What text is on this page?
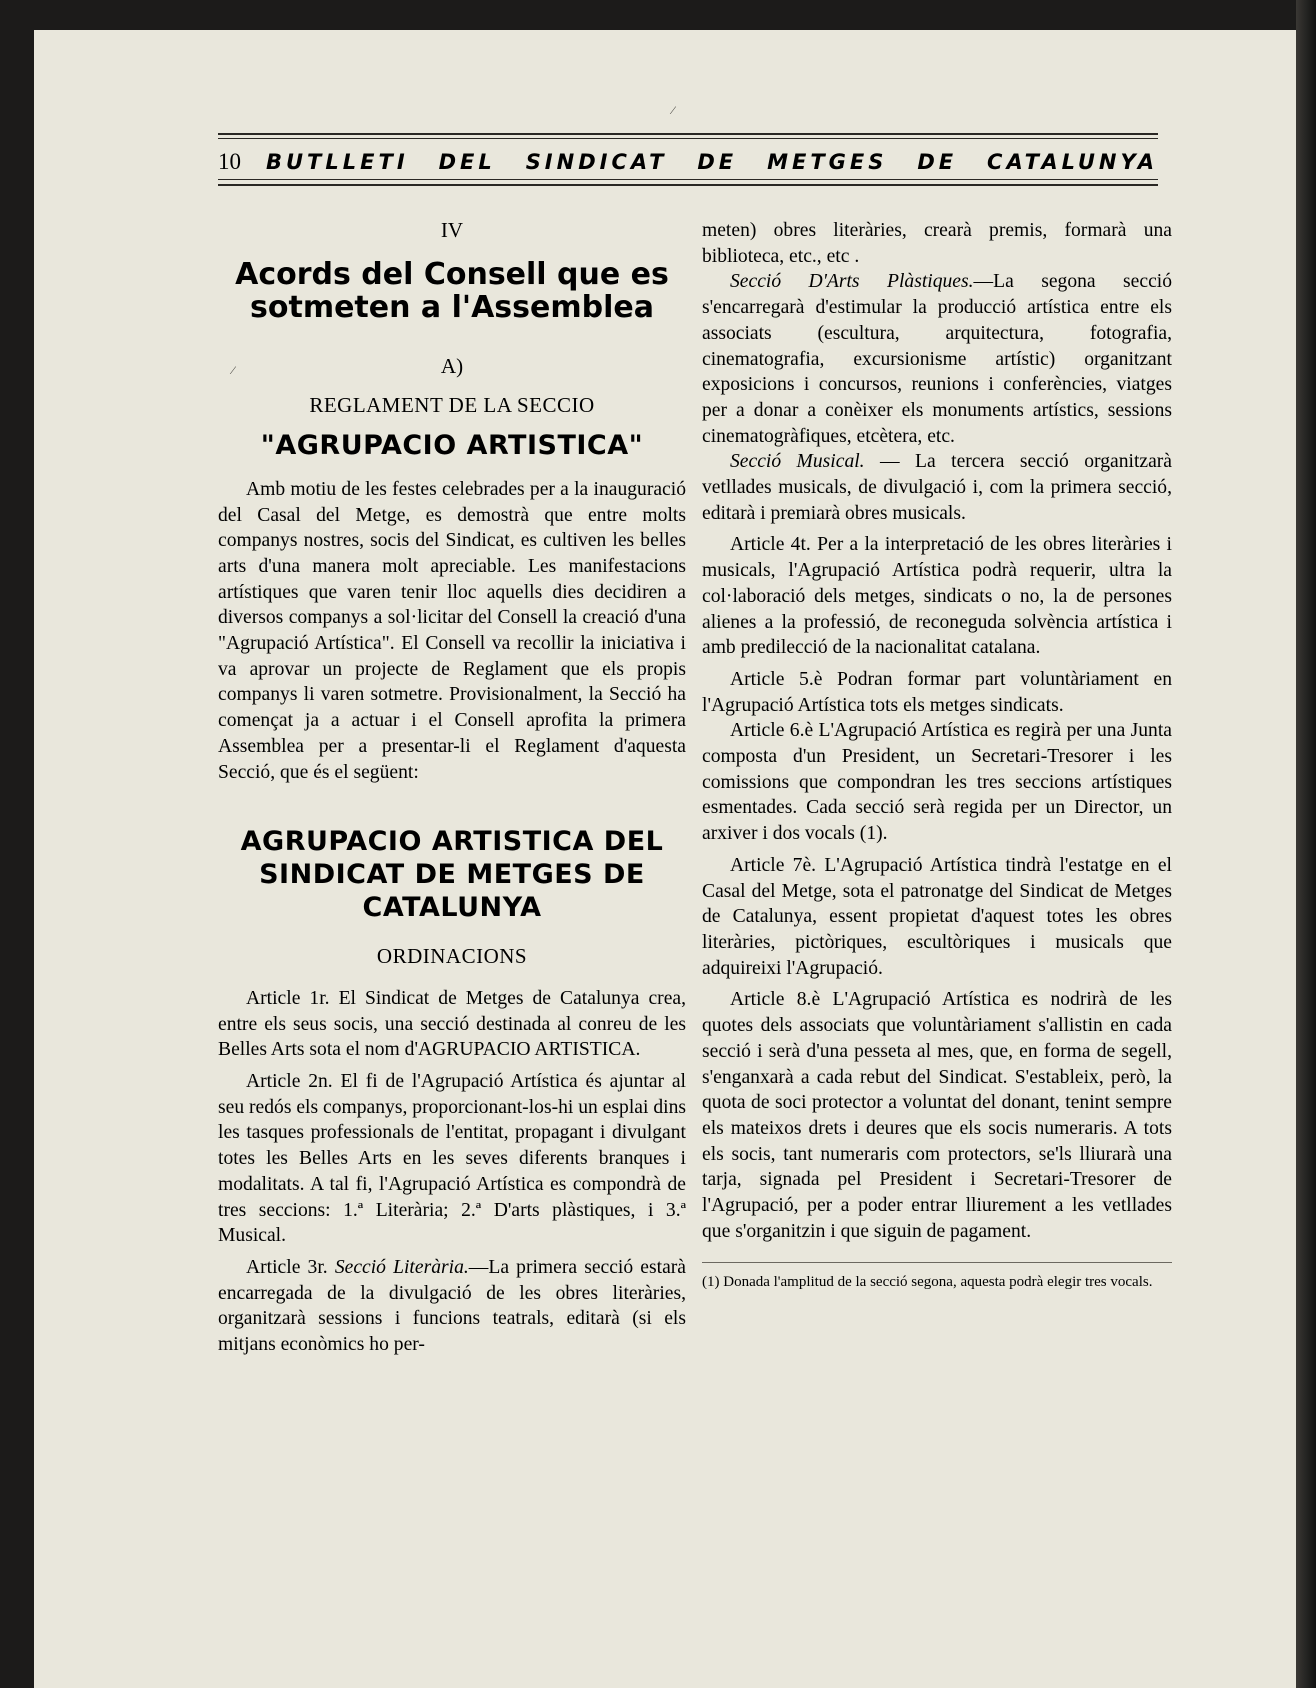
10	BUTLLETI DEL SINDICAT DE METGES DE CATALUNYA
IV
Acords del Consell que es sotmeten a l'Assemblea
A)
REGLAMENT DE LA SECCIO
"AGRUPACIO ARTISTICA"

Amb motiu de les festes celebrades per a la inauguració del Casal del Metge, es demostrà que entre molts companys nostres, socis del Sindicat, es cultiven les belles arts d'una manera molt apreciable. Les manifestacions artístiques que varen tenir lloc aquells dies decidiren a diversos companys a sol·licitar del Consell la creació d'una "Agrupació Artística". El Consell va recollir la iniciativa i va aprovar un projecte de Reglament que els propis companys li varen sotmetre. Provisionalment, la Secció ha començat ja a actuar i el Consell aprofita la primera Assemblea per a presentar-li el Reglament d'aquesta Secció, que és el següent:

AGRUPACIO ARTISTICA DEL SINDICAT DE METGES DE CATALUNYA
ORDINACIONS

Article 1r. El Sindicat de Metges de Catalunya crea, entre els seus socis, una secció destinada al conreu de les Belles Arts sota el nom d'AGRUPACIO ARTISTICA.

Article 2n. El fi de l'Agrupació Artística és ajuntar al seu redós els companys, proporcionant-los-hi un esplai dins les tasques professionals de l'entitat, propagant i divulgant totes les Belles Arts en les seves diferents branques i modalitats. A tal fi, l'Agrupació Artística es compondrà de tres seccions: 1.ª Literària; 2.ª D'arts plàstiques, i 3.ª Musical.

Article 3r. Secció Literària.—La primera secció estarà encarregada de la divulgació de les obres literàries, organitzarà sessions i funcions teatrals, editarà (si els mitjans econòmics ho per-

meten) obres literàries, crearà premis, formarà una biblioteca, etc., etc .

Secció D'Arts Plàstiques.—La segona secció s'encarregarà d'estimular la producció artística entre els associats (escultura, arquitectura, fotografia, cinematografia, excursionisme artístic) organitzant exposicions i concursos, reunions i conferències, viatges per a donar a conèixer els monuments artístics, sessions cinematogràfiques, etcètera, etc.

Secció Musical. — La tercera secció organitzarà vetllades musicals, de divulgació i, com la primera secció, editarà i premiarà obres musicals.

Article 4t. Per a la interpretació de les obres literàries i musicals, l'Agrupació Artística podrà requerir, ultra la col·laboració dels metges, sindicats o no, la de persones alienes a la professió, de reconeguda solvència artística i amb predilecció de la nacionalitat catalana.

Article 5.è Podran formar part voluntàriament en l'Agrupació Artística tots els metges sindicats.

Article 6.è L'Agrupació Artística es regirà per una Junta composta d'un President, un Secretari-Tresorer i les comissions que compondran les tres seccions artístiques esmentades. Cada secció serà regida per un Director, un arxiver i dos vocals (1).

Article 7è. L'Agrupació Artística tindrà l'estatge en el Casal del Metge, sota el patronatge del Sindicat de Metges de Catalunya, essent propietat d'aquest totes les obres literàries, pictòriques, escultòriques i musicals que adquireixi l'Agrupació.

Article 8.è L'Agrupació Artística es nodrirà de les quotes dels associats que voluntàriament s'allistin en cada secció i serà d'una pesseta al mes, que, en forma de segell, s'enganxarà a cada rebut del Sindicat. S'estableix, però, la quota de soci protector a voluntat del donant, tenint sempre els mateixos drets i deures que els socis numeraris. A tots els socis, tant numeraris com protectors, se'ls lliurarà una tarja, signada pel President i Secretari-Tresorer de l'Agrupació, per a poder entrar lliurement a les vetllades que s'organitzin i que siguin de pagament.

(1) Donada l'amplitud de la secció segona, aquesta podrà elegir tres vocals.
⁄
⁄
